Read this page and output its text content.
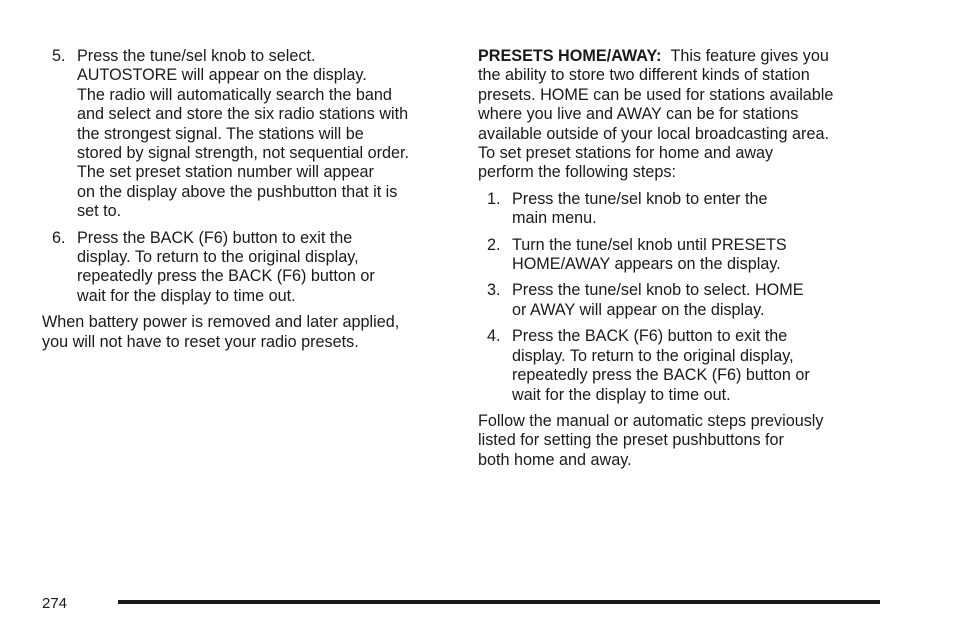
5. Press the tune/sel knob to select.
AUTOSTORE will appear on the display.
The radio will automatically search the band
and select and store the six radio stations with
the strongest signal. The stations will be
stored by signal strength, not sequential order.
The set preset station number will appear
on the display above the pushbutton that it is
set to.
6. Press the BACK (F6) button to exit the
display. To return to the original display,
repeatedly press the BACK (F6) button or
wait for the display to time out.
When battery power is removed and later applied,
you will not have to reset your radio presets.
PRESETS HOME/AWAY: This feature gives you
the ability to store two different kinds of station
presets. HOME can be used for stations available
where you live and AWAY can be for stations
available outside of your local broadcasting area.
To set preset stations for home and away
perform the following steps:
1. Press the tune/sel knob to enter the
main menu.
2. Turn the tune/sel knob until PRESETS
HOME/AWAY appears on the display.
3. Press the tune/sel knob to select. HOME
or AWAY will appear on the display.
4. Press the BACK (F6) button to exit the
display. To return to the original display,
repeatedly press the BACK (F6) button or
wait for the display to time out.
Follow the manual or automatic steps previously
listed for setting the preset pushbuttons for
both home and away.
274
